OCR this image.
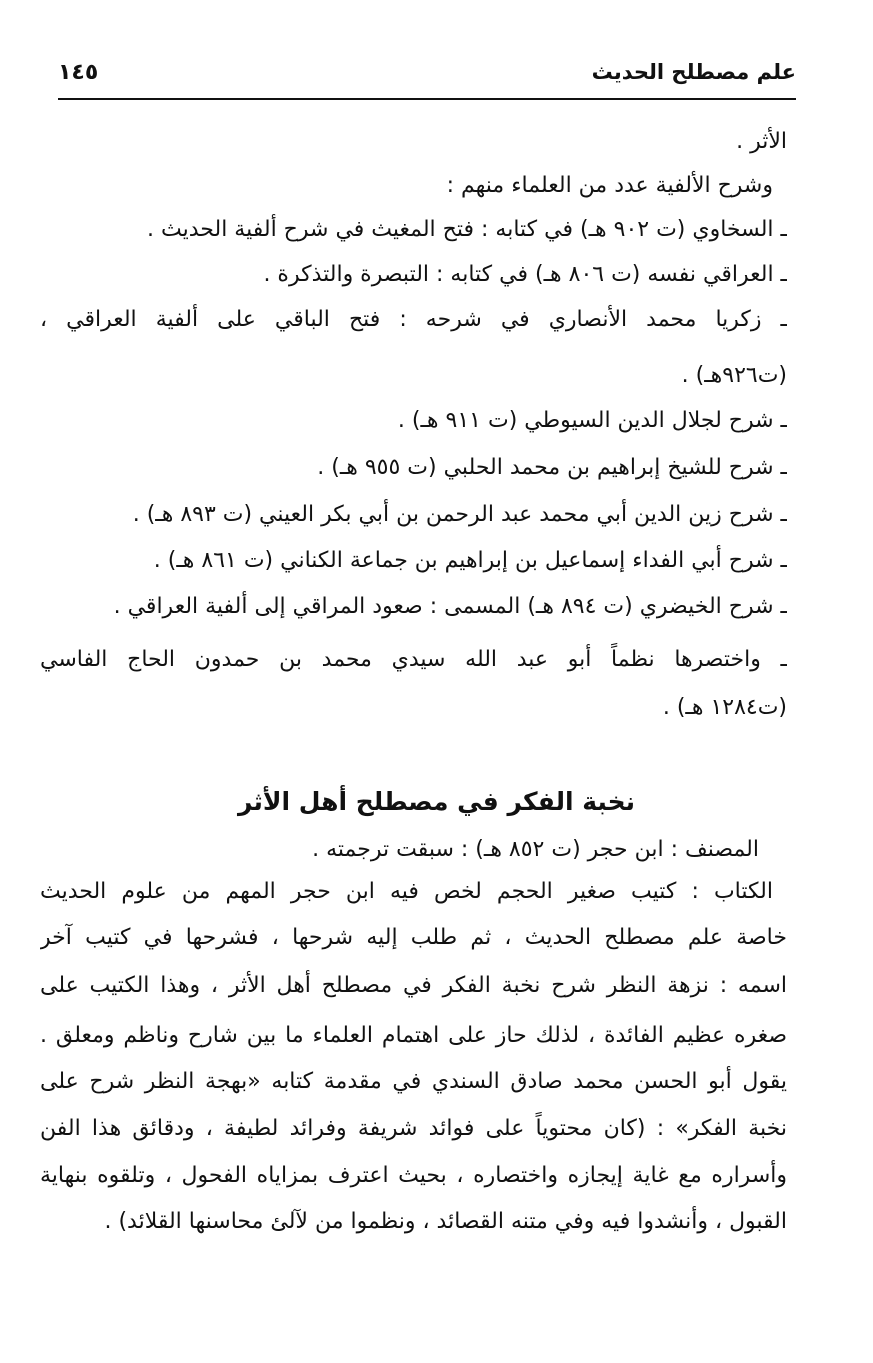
علم مصطلح الحديث
١٤٥
الأثر .
وشرح الألفية عدد من العلماء منهم :
ـ السخاوي (ت ٩٠٢ هـ) في كتابه : فتح المغيث في شرح ألفية الحديث .
ـ العراقي نفسه (ت ٨٠٦ هـ) في كتابه : التبصرة والتذكرة .
ـ زكريا محمد الأنصاري في شرحه : فتح الباقي على ألفية العراقي ،
(ت٩٢٦هـ) .
ـ شرح لجلال الدين السيوطي (ت ٩١١ هـ) .
ـ شرح للشيخ إبراهيم بن محمد الحلبي (ت ٩٥٥ هـ) .
ـ شرح زين الدين أبي محمد عبد الرحمن بن أبي بكر العيني (ت ٨٩٣ هـ) .
ـ شرح أبي الفداء إسماعيل بن إبراهيم بن جماعة الكناني (ت ٨٦١ هـ) .
ـ شرح الخيضري (ت ٨٩٤ هـ) المسمى : صعود المراقي إلى ألفية العراقي .
ـ واختصرها نظماً أبو عبد الله سيدي محمد بن حمدون الحاج الفاسي
(ت١٢٨٤ هـ) .
نخبة الفكر في مصطلح أهل الأثر
المصنف : ابن حجر (ت ٨٥٢ هـ) : سبقت ترجمته .
الكتاب : كتيب صغير الحجم لخص فيه ابن حجر المهم من علوم الحديث
خاصة علم مصطلح الحديث ، ثم طلب إليه شرحها ، فشرحها في كتيب آخر
اسمه : نزهة النظر شرح نخبة الفكر في مصطلح أهل الأثر ، وهذا الكتيب على
صغره عظيم الفائدة ، لذلك حاز على اهتمام العلماء ما بين شارح وناظم ومعلق .
يقول أبو الحسن محمد صادق السندي في مقدمة كتابه «بهجة النظر شرح على
نخبة الفكر» : (كان محتوياً على فوائد شريفة وفرائد لطيفة ، ودقائق هذا الفن
وأسراره مع غاية إيجازه واختصاره ، بحيث اعترف بمزاياه الفحول ، وتلقوه بنهاية
القبول ، وأنشدوا فيه وفي متنه القصائد ، ونظموا من لآلئ محاسنها القلائد) .
